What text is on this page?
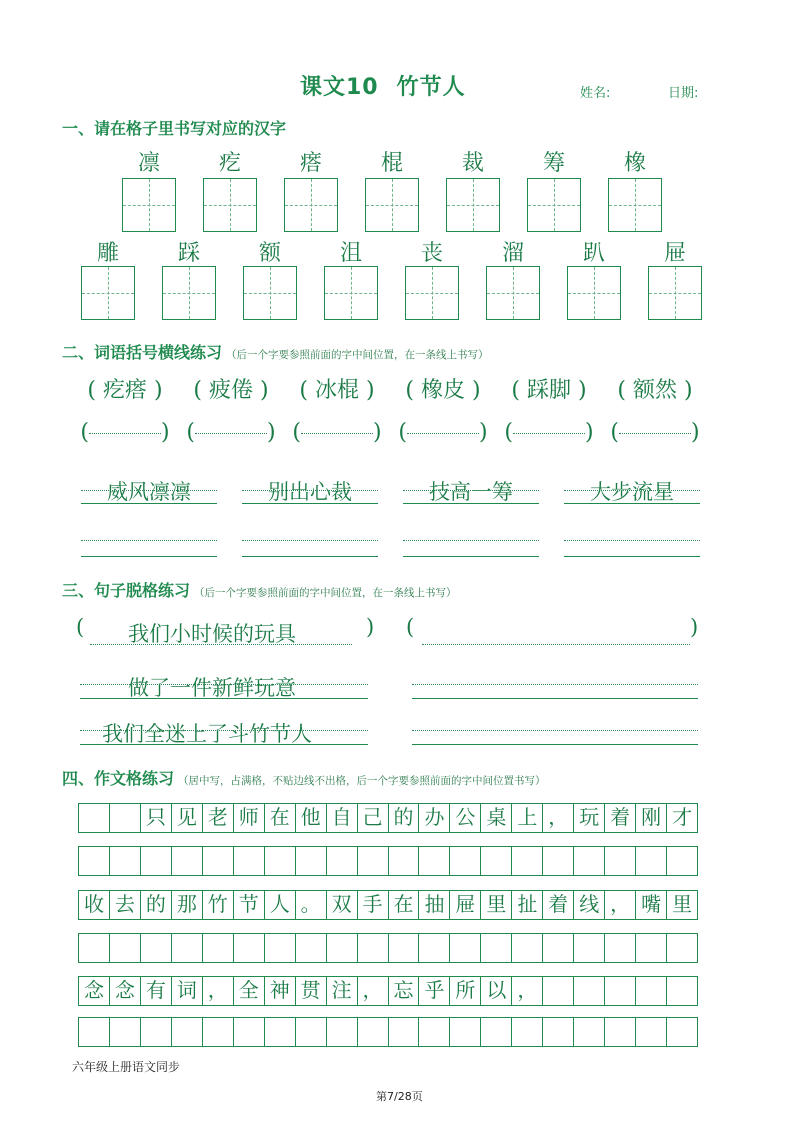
课文10 竹节人	姓名:	日期:
一、请在格子里书写对应的汉字
凛	疙	瘩	棍	裁	筹	橡
雕	踩	额	沮	丧	溜	趴	屉
二、词语括号横线练习 （后一个字要参照前面的字中间位置，在一条线上书写）
( 疙瘩 ) ( 疲倦 ) ( 冰棍 ) ( 橡皮 ) ( 踩脚 ) ( 额然 )
(	) (	) (	) (	) (	) (	)
威风凛凛	别出心裁	技高一筹	大步流星
三、句子脱格练习 （后一个字要参照前面的字中间位置，在一条线上书写）
( 我们小时候的玩具	) (	)
做了一件新鲜玩意
我们全迷上了斗竹节人
四、作文格练习 （居中写，占满格，不贴边线不出格，后一个字要参照前面的字中间位置书写）
只 见 老 师 在 他 自 己 的 办 公 桌 上 ， 玩 着 刚 才
收 去 的 那 竹 节 人 。 双 手 在 抽 屉 里 扯 着 线 ， 嘴 里
念 念 有 词 ， 全 神 贯 注 ， 忘 乎 所 以 ，
六年级上册语文同步
第7/28页
